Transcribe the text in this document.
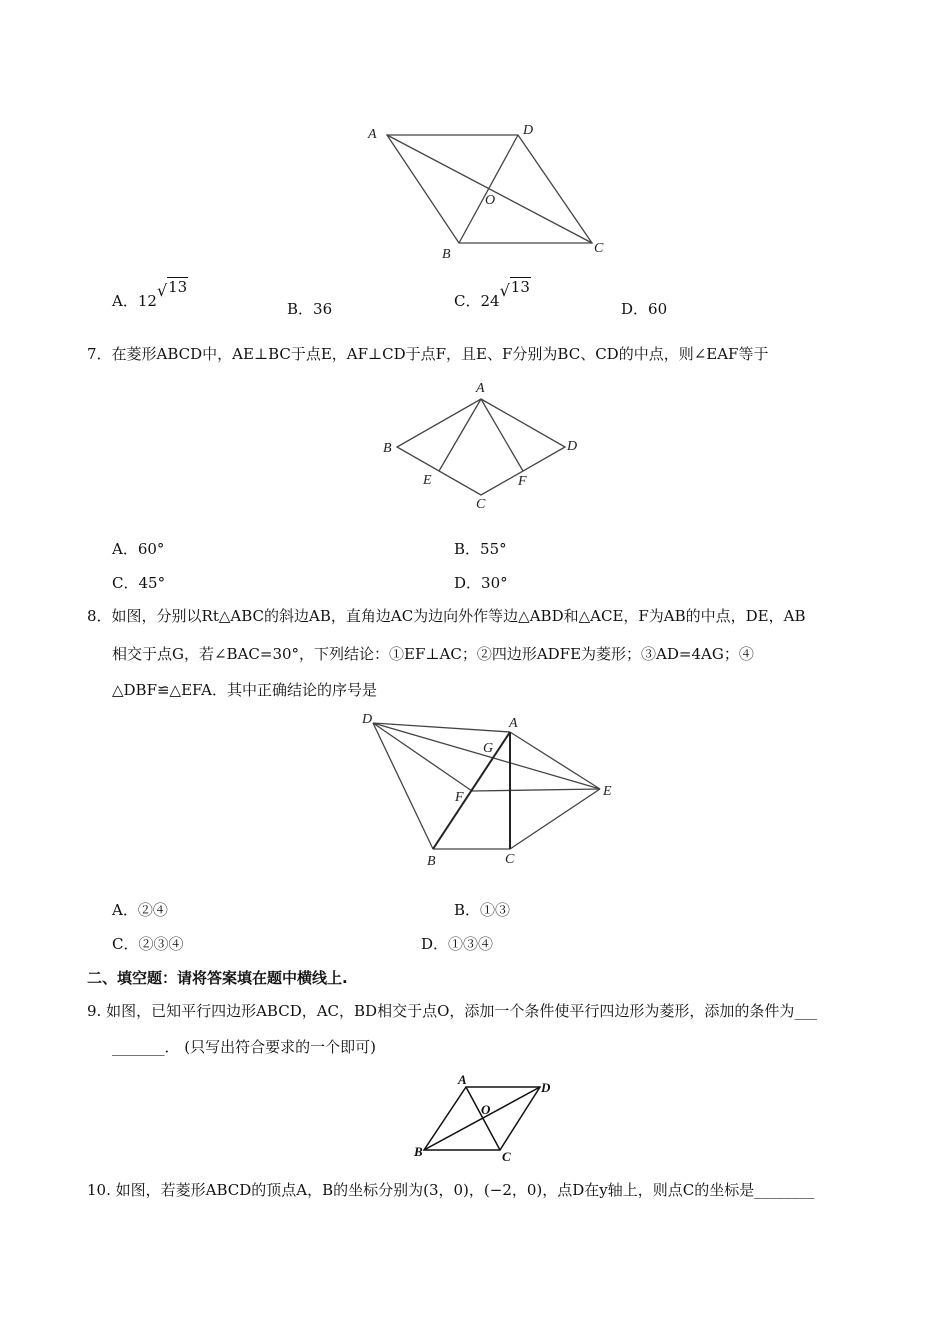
A	D
O
B	C
A．12√13
B．36	C．24√13
D．60
7．在菱形ABCD中，AE⊥BC于点E，AF⊥CD于点F，且E、F分别为BC、CD的中点，则∠EAF等于
A
B	D
E	F
C
A．60°	B．55°
C．45°	D．30°
8．如图，分别以Rt△ABC的斜边AB，直角边AC为边向外作等边△ABD和△ACE，F为AB的中点，DE，AB
相交于点G，若∠BAC=30°，下列结论：①EF⊥AC；②四边形ADFE为菱形；③AD=4AG；④
△DBF≌△EFA．其中正确结论的序号是
D	A
G
F	E
B	C
A．②④	B．①③
C．②③④	D．①③④
二、填空题：请将答案填在题中横线上.
9. 如图，已知平行四边形ABCD，AC，BD相交于点O，添加一个条件使平行四边形为菱形，添加的条件为___
_______． (只写出符合要求的一个即可)
A
D
O
B	C
10. 如图，若菱形ABCD的顶点A，B的坐标分别为(3，0)，(−2，0)，点D在y轴上，则点C的坐标是________
